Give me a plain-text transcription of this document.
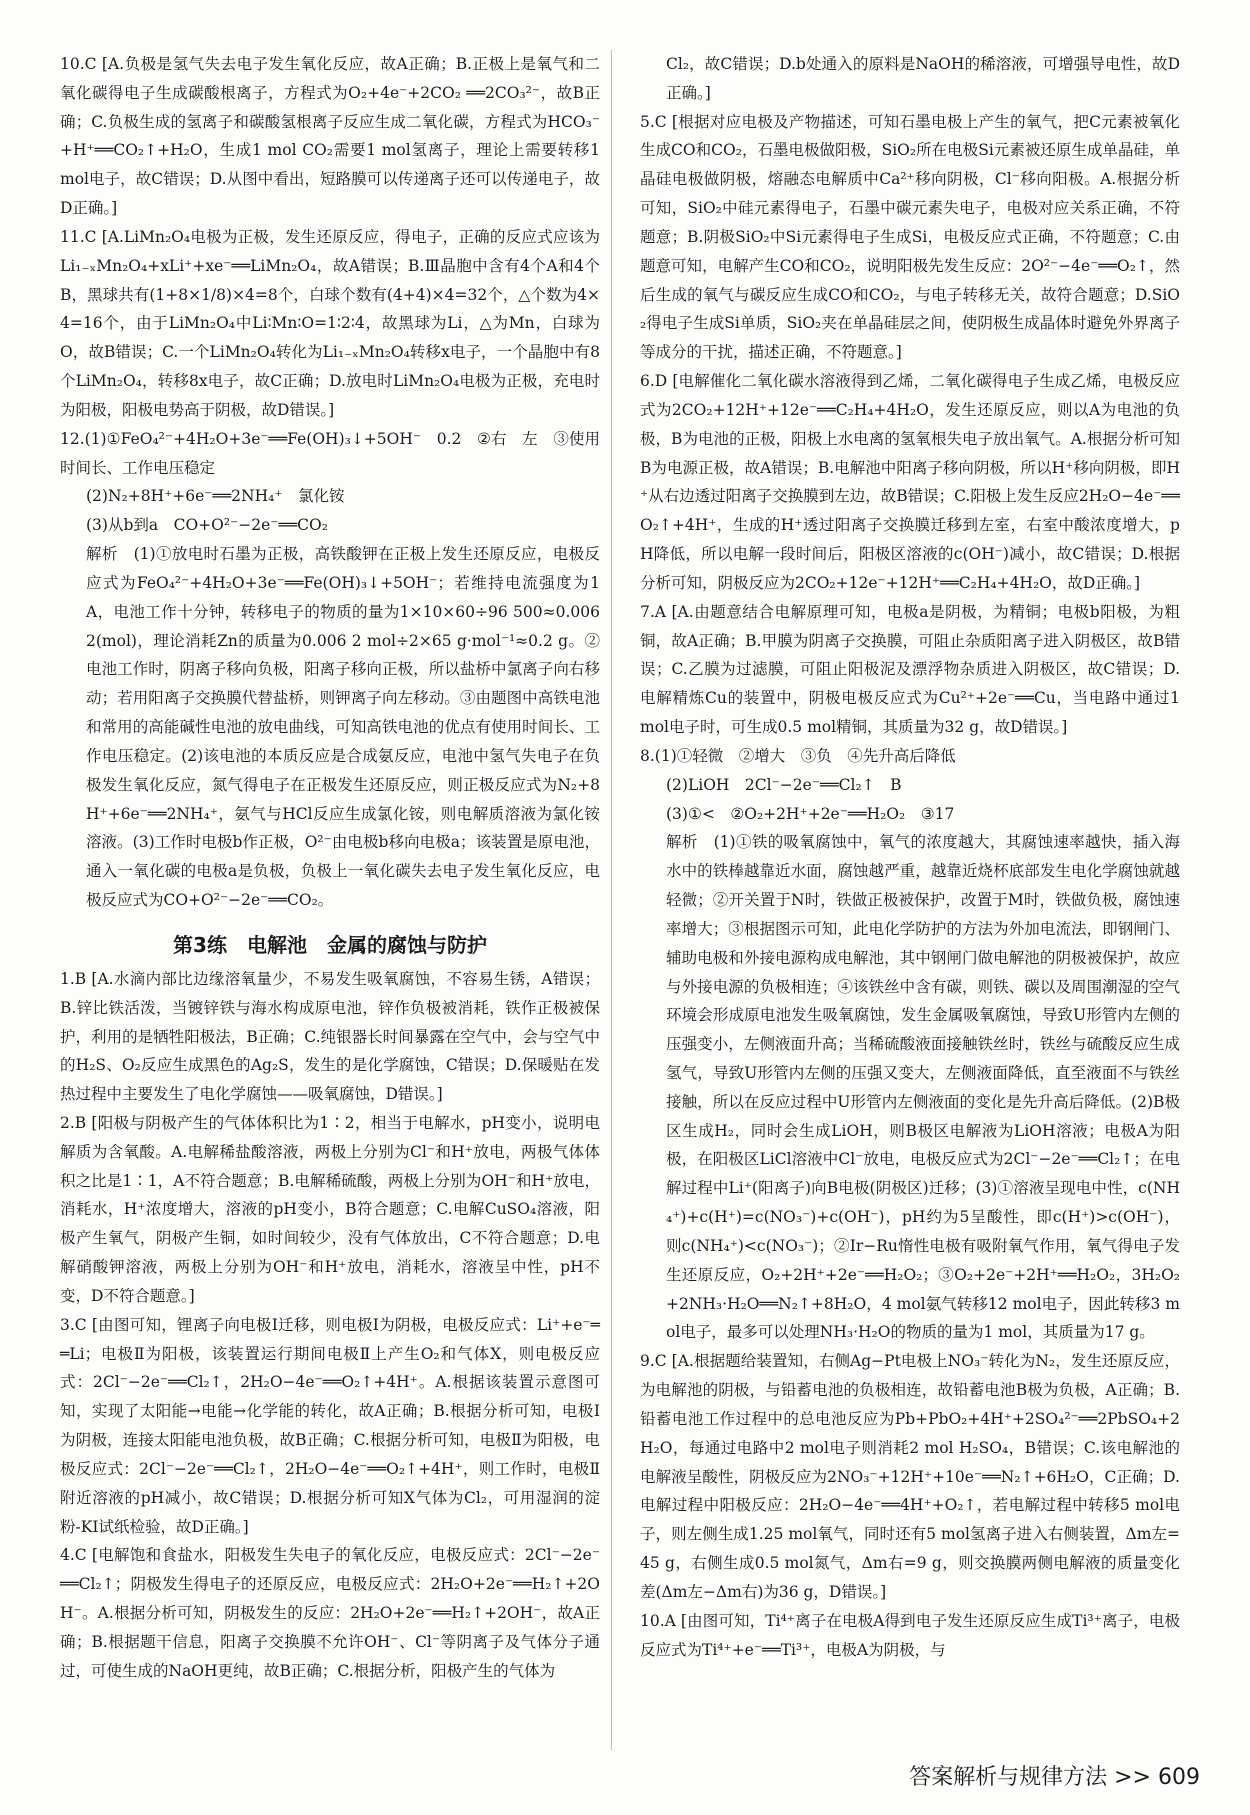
10.C [A.负极是氢气失去电子发生氧化反应，故A正确；B.正极上是氧气和二氧化碳得电子生成碳酸根离子，方程式为O₂+4e⁻+2CO₂ ══2CO₃²⁻，故B正确；C.负极生成的氢离子和碳酸氢根离子反应生成二氧化碳，方程式为HCO₃⁻+H⁺══CO₂↑+H₂O，生成1 mol CO₂需要1 mol氢离子，理论上需要转移1 mol电子，故C错误；D.从图中看出，短路膜可以传递离子还可以传递电子，故D正确。]

11.C [A.LiMn₂O₄电极为正极，发生还原反应，得电子，正确的反应式应该为Li₁₋ₓMn₂O₄+xLi⁺+xe⁻══LiMn₂O₄，故A错误；B.Ⅲ晶胞中含有4个A和4个B，黑球共有(1+8×1/8)×4=8个，白球个数有(4+4)×4=32个，△个数为4×4=16个，由于LiMn₂O₄中Li∶Mn∶O=1∶2∶4，故黑球为Li，△为Mn，白球为O，故B错误；C.一个LiMn₂O₄转化为Li₁₋ₓMn₂O₄转移x电子，一个晶胞中有8个LiMn₂O₄，转移8x电子，故C正确；D.放电时LiMn₂O₄电极为正极，充电时为阳极，阳极电势高于阴极，故D错误。]

12.(1)①FeO₄²⁻+4H₂O+3e⁻══Fe(OH)₃↓+5OH⁻　0.2　②右　左　③使用时间长、工作电压稳定

(2)N₂+8H⁺+6e⁻══2NH₄⁺　氯化铵

(3)从b到a　CO+O²⁻−2e⁻══CO₂

解析　(1)①放电时石墨为正极，高铁酸钾在正极上发生还原反应，电极反应式为FeO₄²⁻+4H₂O+3e⁻══Fe(OH)₃↓+5OH⁻；若维持电流强度为1 A，电池工作十分钟，转移电子的物质的量为1×10×60÷96 500≈0.006 2(mol)，理论消耗Zn的质量为0.006 2 mol÷2×65 g·mol⁻¹≈0.2 g。②电池工作时，阴离子移向负极，阳离子移向正极，所以盐桥中氯离子向右移动；若用阳离子交换膜代替盐桥，则钾离子向左移动。③由题图中高铁电池和常用的高能碱性电池的放电曲线，可知高铁电池的优点有使用时间长、工作电压稳定。(2)该电池的本质反应是合成氨反应，电池中氢气失电子在负极发生氧化反应，氮气得电子在正极发生还原反应，则正极反应式为N₂+8H⁺+6e⁻══2NH₄⁺，氨气与HCl反应生成氯化铵，则电解质溶液为氯化铵溶液。(3)工作时电极b作正极，O²⁻由电极b移向电极a；该装置是原电池，通入一氧化碳的电极a是负极，负极上一氧化碳失去电子发生氧化反应，电极反应式为CO+O²⁻−2e⁻══CO₂。

第3练　电解池　金属的腐蚀与防护

1.B [A.水滴内部比边缘溶氧量少，不易发生吸氧腐蚀，不容易生锈，A错误；B.锌比铁活泼，当镀锌铁与海水构成原电池，锌作负极被消耗，铁作正极被保护，利用的是牺牲阳极法，B正确；C.纯银器长时间暴露在空气中，会与空气中的H₂S、O₂反应生成黑色的Ag₂S，发生的是化学腐蚀，C错误；D.保暖贴在发热过程中主要发生了电化学腐蚀——吸氧腐蚀，D错误。]

2.B [阳极与阴极产生的气体体积比为1∶2，相当于电解水，pH变小，说明电解质为含氧酸。A.电解稀盐酸溶液，两极上分别为Cl⁻和H⁺放电，两极气体体积之比是1∶1，A不符合题意；B.电解稀硫酸，两极上分别为OH⁻和H⁺放电，消耗水，H⁺浓度增大，溶液的pH变小，B符合题意；C.电解CuSO₄溶液，阳极产生氧气，阴极产生铜，如时间较少，没有气体放出，C不符合题意；D.电解硝酸钾溶液，两极上分别为OH⁻和H⁺放电，消耗水，溶液呈中性，pH不变，D不符合题意。]

3.C [由图可知，锂离子向电极Ⅰ迁移，则电极Ⅰ为阴极，电极反应式：Li⁺+e⁻══Li；电极Ⅱ为阳极，该装置运行期间电极Ⅱ上产生O₂和气体X，则电极反应式：2Cl⁻−2e⁻══Cl₂↑，2H₂O−4e⁻══O₂↑+4H⁺。A.根据该装置示意图可知，实现了太阳能→电能→化学能的转化，故A正确；B.根据分析可知，电极Ⅰ为阴极，连接太阳能电池负极，故B正确；C.根据分析可知，电极Ⅱ为阳极，电极反应式：2Cl⁻−2e⁻══Cl₂↑，2H₂O−4e⁻══O₂↑+4H⁺，则工作时，电极Ⅱ附近溶液的pH减小，故C错误；D.根据分析可知X气体为Cl₂，可用湿润的淀粉-KI试纸检验，故D正确。]

4.C [电解饱和食盐水，阳极发生失电子的氧化反应，电极反应式：2Cl⁻−2e⁻══Cl₂↑；阴极发生得电子的还原反应，电极反应式：2H₂O+2e⁻══H₂↑+2OH⁻。A.根据分析可知，阴极发生的反应：2H₂O+2e⁻══H₂↑+2OH⁻，故A正确；B.根据题干信息，阳离子交换膜不允许OH⁻、Cl⁻等阴离子及气体分子通过，可使生成的NaOH更纯，故B正确；C.根据分析，阳极产生的气体为

Cl₂，故C错误；D.b处通入的原料是NaOH的稀溶液，可增强导电性，故D正确。]

5.C [根据对应电极及产物描述，可知石墨电极上产生的氧气，把C元素被氧化生成CO和CO₂，石墨电极做阳极，SiO₂所在电极Si元素被还原生成单晶硅，单晶硅电极做阴极，熔融态电解质中Ca²⁺移向阴极，Cl⁻移向阳极。A.根据分析可知，SiO₂中硅元素得电子，石墨中碳元素失电子，电极对应关系正确，不符题意；B.阴极SiO₂中Si元素得电子生成Si，电极反应式正确，不符题意；C.由题意可知，电解产生CO和CO₂，说明阳极先发生反应：2O²⁻−4e⁻══O₂↑，然后生成的氧气与碳反应生成CO和CO₂，与电子转移无关，故符合题意；D.SiO₂得电子生成Si单质，SiO₂夹在单晶硅层之间，使阴极生成晶体时避免外界离子等成分的干扰，描述正确，不符题意。]

6.D [电解催化二氧化碳水溶液得到乙烯，二氧化碳得电子生成乙烯，电极反应式为2CO₂+12H⁺+12e⁻══C₂H₄+4H₂O，发生还原反应，则以A为电池的负极，B为电池的正极，阳极上水电离的氢氧根失电子放出氧气。A.根据分析可知B为电源正极，故A错误；B.电解池中阳离子移向阴极，所以H⁺移向阴极，即H⁺从右边透过阳离子交换膜到左边，故B错误；C.阳极上发生反应2H₂O−4e⁻══O₂↑+4H⁺，生成的H⁺透过阳离子交换膜迁移到左室，右室中酸浓度增大，pH降低，所以电解一段时间后，阳极区溶液的c(OH⁻)减小，故C错误；D.根据分析可知，阴极反应为2CO₂+12e⁻+12H⁺══C₂H₄+4H₂O，故D正确。]

7.A [A.由题意结合电解原理可知，电极a是阴极，为精铜；电极b阳极，为粗铜，故A正确；B.甲膜为阴离子交换膜，可阻止杂质阳离子进入阴极区，故B错误；C.乙膜为过滤膜，可阻止阳极泥及漂浮物杂质进入阴极区，故C错误；D.电解精炼Cu的装置中，阴极电极反应式为Cu²⁺+2e⁻══Cu，当电路中通过1 mol电子时，可生成0.5 mol精铜，其质量为32 g，故D错误。]

8.(1)①轻微　②增大　③负　④先升高后降低

(2)LiOH　2Cl⁻−2e⁻══Cl₂↑　B

(3)①<　②O₂+2H⁺+2e⁻══H₂O₂　③17

解析　(1)①铁的吸氧腐蚀中，氧气的浓度越大，其腐蚀速率越快，插入海水中的铁棒越靠近水面，腐蚀越严重，越靠近烧杯底部发生电化学腐蚀就越轻微；②开关置于N时，铁做正极被保护，改置于M时，铁做负极，腐蚀速率增大；③根据图示可知，此电化学防护的方法为外加电流法，即钢闸门、辅助电极和外接电源构成电解池，其中钢闸门做电解池的阴极被保护，故应与外接电源的负极相连；④该铁丝中含有碳，则铁、碳以及周围潮湿的空气环境会形成原电池发生吸氧腐蚀，发生金属吸氧腐蚀，导致U形管内左侧的压强变小，左侧液面升高；当稀硫酸液面接触铁丝时，铁丝与硫酸反应生成氢气，导致U形管内左侧的压强又变大，左侧液面降低，直至液面不与铁丝接触，所以在反应过程中U形管内左侧液面的变化是先升高后降低。(2)B极区生成H₂，同时会生成LiOH，则B极区电解液为LiOH溶液；电极A为阳极，在阳极区LiCl溶液中Cl⁻放电，电极反应式为2Cl⁻−2e⁻══Cl₂↑；在电解过程中Li⁺(阳离子)向B电极(阴极区)迁移；(3)①溶液呈现电中性，c(NH₄⁺)+c(H⁺)=c(NO₃⁻)+c(OH⁻)，pH约为5呈酸性，即c(H⁺)>c(OH⁻)，则c(NH₄⁺)<c(NO₃⁻)；②Ir−Ru惰性电极有吸附氧气作用，氧气得电子发生还原反应，O₂+2H⁺+2e⁻══H₂O₂；③O₂+2e⁻+2H⁺══H₂O₂，3H₂O₂+2NH₃·H₂O══N₂↑+8H₂O，4 mol氨气转移12 mol电子，因此转移3 mol电子，最多可以处理NH₃·H₂O的物质的量为1 mol，其质量为17 g。

9.C [A.根据题给装置知，右侧Ag−Pt电极上NO₃⁻转化为N₂，发生还原反应，为电解池的阴极，与铅蓄电池的负极相连，故铅蓄电池B极为负极，A正确；B.铅蓄电池工作过程中的总电池反应为Pb+PbO₂+4H⁺+2SO₄²⁻══2PbSO₄+2H₂O，每通过电路中2 mol电子则消耗2 mol H₂SO₄，B错误；C.该电解池的电解液呈酸性，阴极反应为2NO₃⁻+12H⁺+10e⁻══N₂↑+6H₂O，C正确；D.电解过程中阳极反应：2H₂O−4e⁻══4H⁺+O₂↑，若电解过程中转移5 mol电子，则左侧生成1.25 mol氧气，同时还有5 mol氢离子进入右侧装置，Δm左=45 g，右侧生成0.5 mol氮气，Δm右=9 g，则交换膜两侧电解液的质量变化差(Δm左−Δm右)为36 g，D错误。]

10.A [由图可知，Ti⁴⁺离子在电极A得到电子发生还原反应生成Ti³⁺离子，电极反应式为Ti⁴⁺+e⁻══Ti³⁺，电极A为阴极，与

答案解析与规律方法 >> 609
